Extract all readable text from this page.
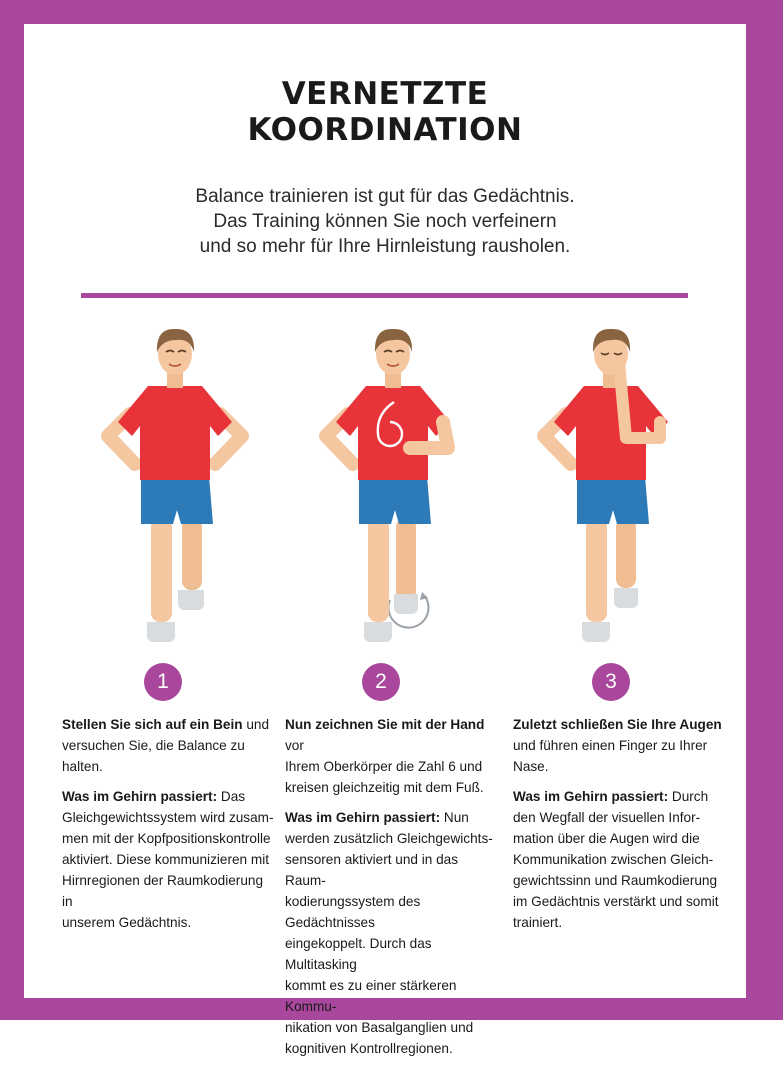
VERNETZTE
KOORDINATION

Balance trainieren ist gut für das Gedächtnis.
Das Training können Sie noch verfeinern
und so mehr für Ihre Hirnleistung rausholen.

1	2	3

Stellen Sie sich auf ein Bein und
versuchen Sie, die Balance zu
halten.

Was im Gehirn passiert: Das
Gleichgewichtssystem wird zusam-
men mit der Kopfpositionskontrolle
aktiviert. Diese kommunizieren mit
Hirnregionen der Raumkodierung in
unserem Gedächtnis.

Nun zeichnen Sie mit der Hand vor
Ihrem Oberkörper die Zahl 6 und
kreisen gleichzeitig mit dem Fuß.

Was im Gehirn passiert: Nun
werden zusätzlich Gleichgewichts-
sensoren aktiviert und in das Raum-
kodierungssystem des Gedächtnisses
eingekoppelt. Durch das Multitasking
kommt es zu einer stärkeren Kommu-
nikation von Basalganglien und
kognitiven Kontrollregionen.

Zuletzt schließen Sie Ihre Augen
und führen einen Finger zu Ihrer
Nase.

Was im Gehirn passiert: Durch
den Wegfall der visuellen Infor-
mation über die Augen wird die
Kommunikation zwischen Gleich-
gewichtssinn und Raumkodierung
im Gedächtnis verstärkt und somit
trainiert.
